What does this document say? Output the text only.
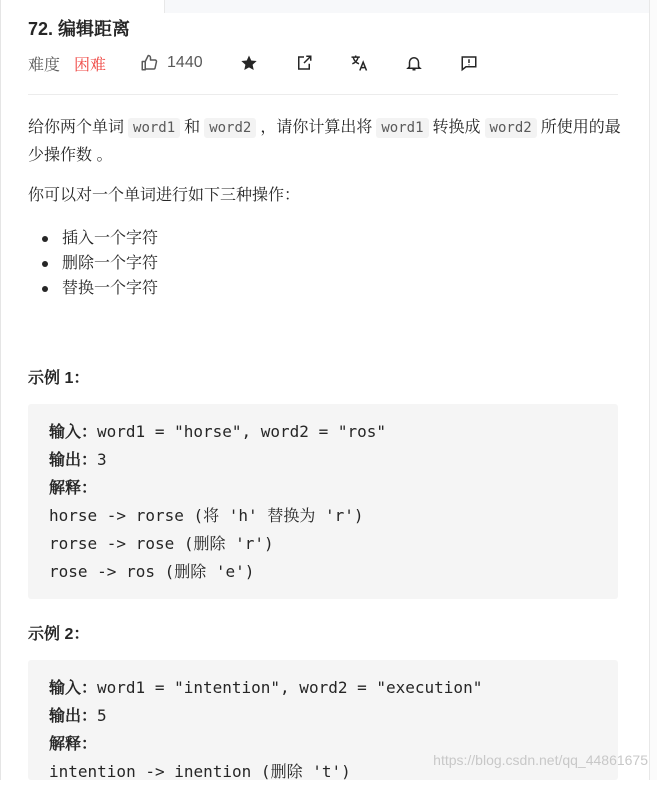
72. 编辑距离
难度 困难	1440

给你两个单词 word1 和 word2 ，请你计算出将 word1 转换成 word2 所使用的最少操作数 。

你可以对一个单词进行如下三种操作：
插入一个字符
删除一个字符
替换一个字符
示例 1：
输入：word1 = "horse", word2 = "ros"
输出：3
解释：
horse -> rorse (将 'h' 替换为 'r')
rorse -> rose (删除 'r')
rose -> ros (删除 'e')
示例 2：
输入：word1 = "intention", word2 = "execution"
输出：5
解释：
intention -> inention (删除 't')
https://blog.csdn.net/qq_44861675
